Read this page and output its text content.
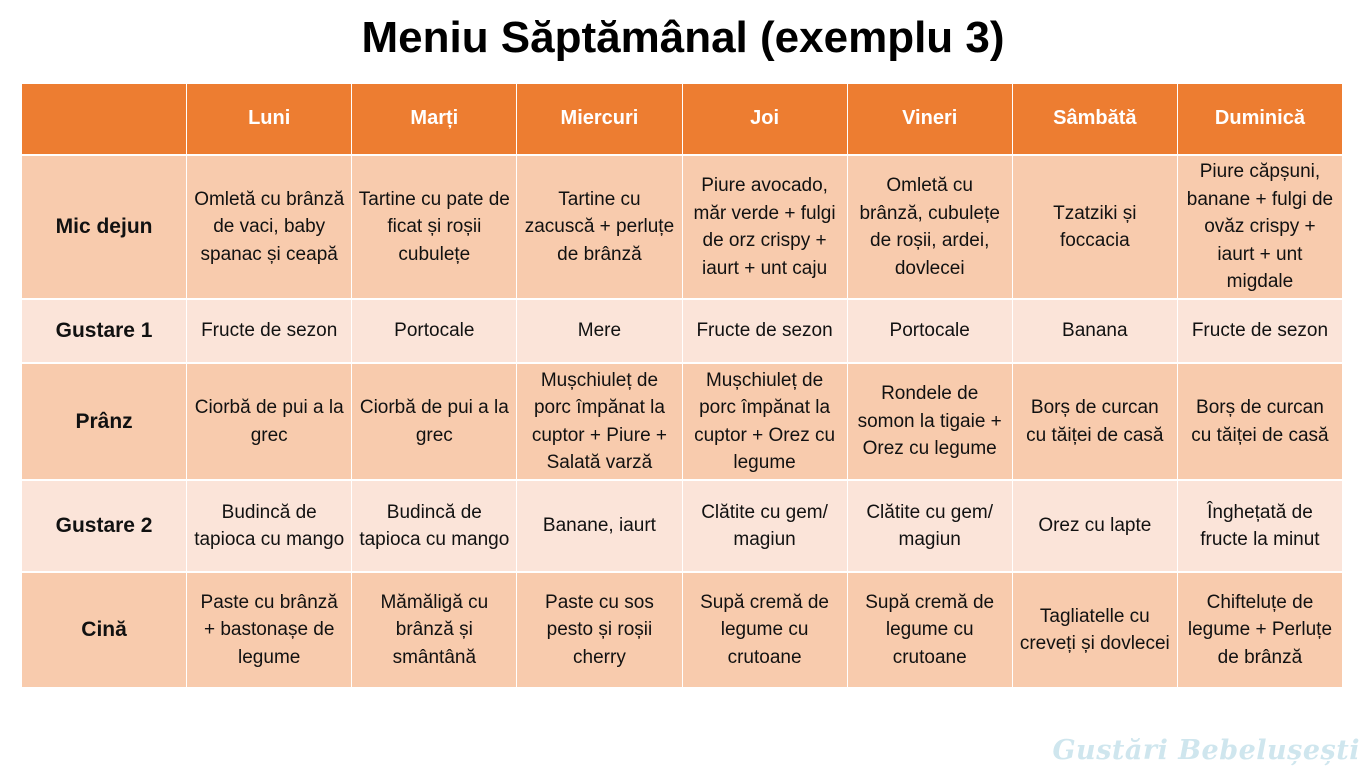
Meniu Săptămânal (exemplu 3)
	Luni	Marți	Miercuri	Joi	Vineri	Sâmbătă	Duminică
Mic dejun	Omletă cu brânză de vaci, baby spanac și ceapă	Tartine cu pate de ficat și roșii cubulețe	Tartine cu zacuscă + perluțe de brânză	Piure avocado, măr verde + fulgi de orz crispy + iaurt + unt caju	Omletă cu brânză, cubulețe de roșii, ardei, dovlecei	Tzatziki și foccacia	Piure căpșuni, banane + fulgi de ovăz crispy + iaurt + unt migdale
Gustare 1	Fructe de sezon	Portocale	Mere	Fructe de sezon	Portocale	Banana	Fructe de sezon
Prânz	Ciorbă de pui a la grec	Ciorbă de pui a la grec	Mușchiuleț de porc împănat la cuptor + Piure + Salată varză	Mușchiuleț de porc împănat la cuptor + Orez cu legume	Rondele de somon la tigaie + Orez cu legume	Borș de curcan cu tăiței de casă	Borș de curcan cu tăiței de casă
Gustare 2	Budincă de tapioca cu mango	Budincă de tapioca cu mango	Banane, iaurt	Clătite cu gem/ magiun	Clătite cu gem/ magiun	Orez cu lapte	Înghețată de fructe la minut
Cină	Paste cu brânză + bastonașe de legume	Mămăligă cu brânză și smântână	Paste cu sos pesto și roșii cherry	Supă cremă de legume cu crutoane	Supă cremă de legume cu crutoane	Tagliatelle cu creveți și dovlecei	Chifteluțe de legume + Perluțe de brânză
Gustări Bebelușești
